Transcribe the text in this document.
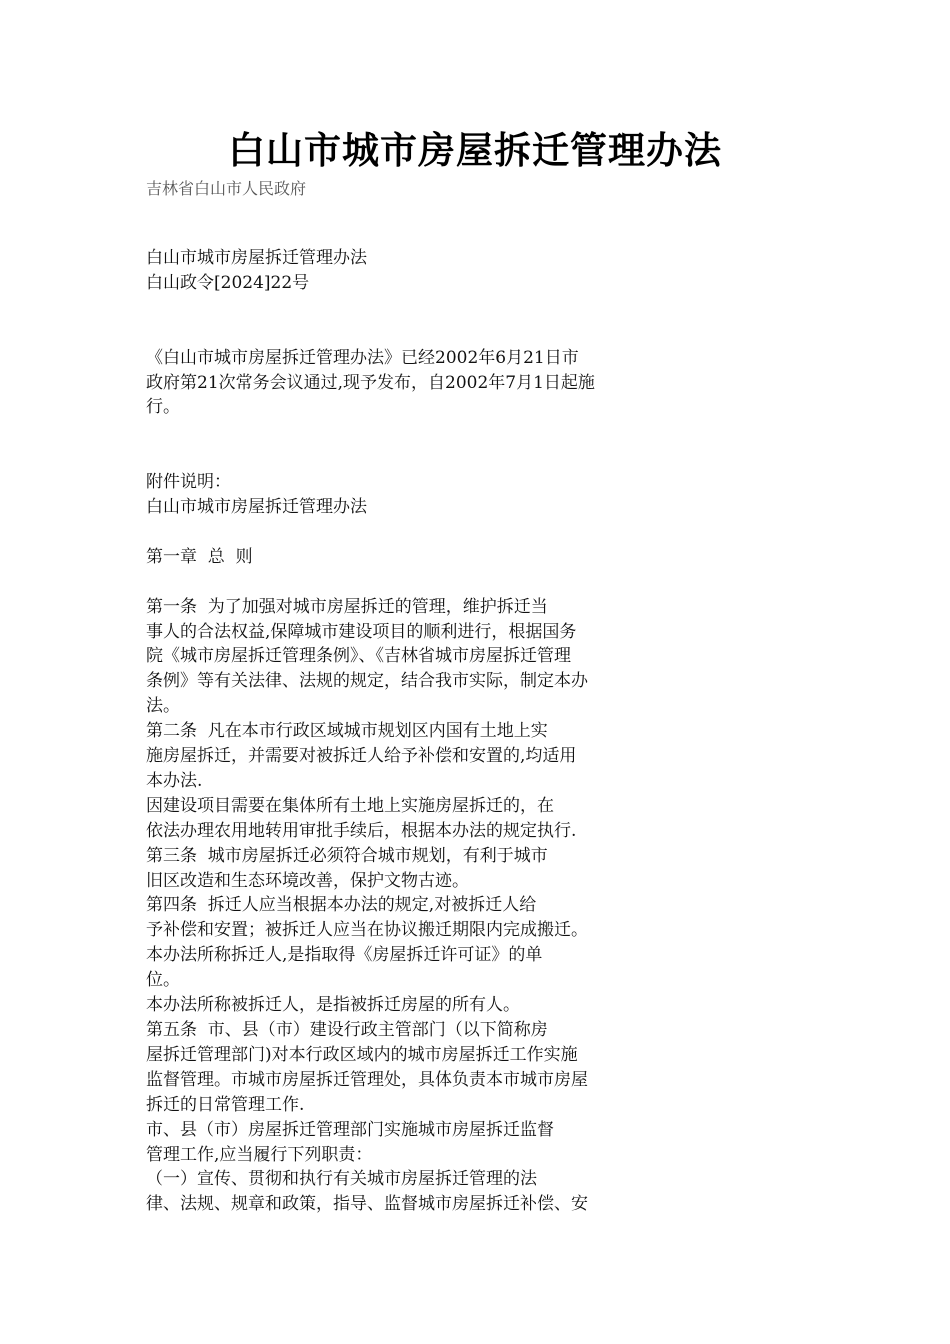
白山市城市房屋拆迁管理办法

吉林省白山市人民政府

白山市城市房屋拆迁管理办法
白山政令[2024]22号
《白山市城市房屋拆迁管理办法》已经2002年6月21日市
政府第21次常务会议通过,现予发布，自2002年7月1日起施
行。
附件说明：
白山市城市房屋拆迁管理办法
第一章  总  则
第一条  为了加强对城市房屋拆迁的管理，维护拆迁当
事人的合法权益,保障城市建设项目的顺利进行，根据国务
院《城市房屋拆迁管理条例》、《吉林省城市房屋拆迁管理
条例》等有关法律、法规的规定，结合我市实际，制定本办
法。
第二条  凡在本市行政区域城市规划区内国有土地上实
施房屋拆迁，并需要对被拆迁人给予补偿和安置的,均适用
本办法.
因建设项目需要在集体所有土地上实施房屋拆迁的，在
依法办理农用地转用审批手续后，根据本办法的规定执行.
第三条  城市房屋拆迁必须符合城市规划，有利于城市
旧区改造和生态环境改善，保护文物古迹。
第四条  拆迁人应当根据本办法的规定,对被拆迁人给
予补偿和安置；被拆迁人应当在协议搬迁期限内完成搬迁。
本办法所称拆迁人,是指取得《房屋拆迁许可证》的单
位。
本办法所称被拆迁人，是指被拆迁房屋的所有人。
第五条  市、县（市）建设行政主管部门（以下简称房
屋拆迁管理部门)对本行政区域内的城市房屋拆迁工作实施
监督管理。市城市房屋拆迁管理处，具体负责本市城市房屋
拆迁的日常管理工作.
市、县（市）房屋拆迁管理部门实施城市房屋拆迁监督
管理工作,应当履行下列职责：
（一）宣传、贯彻和执行有关城市房屋拆迁管理的法
律、法规、规章和政策，指导、监督城市房屋拆迁补偿、安
